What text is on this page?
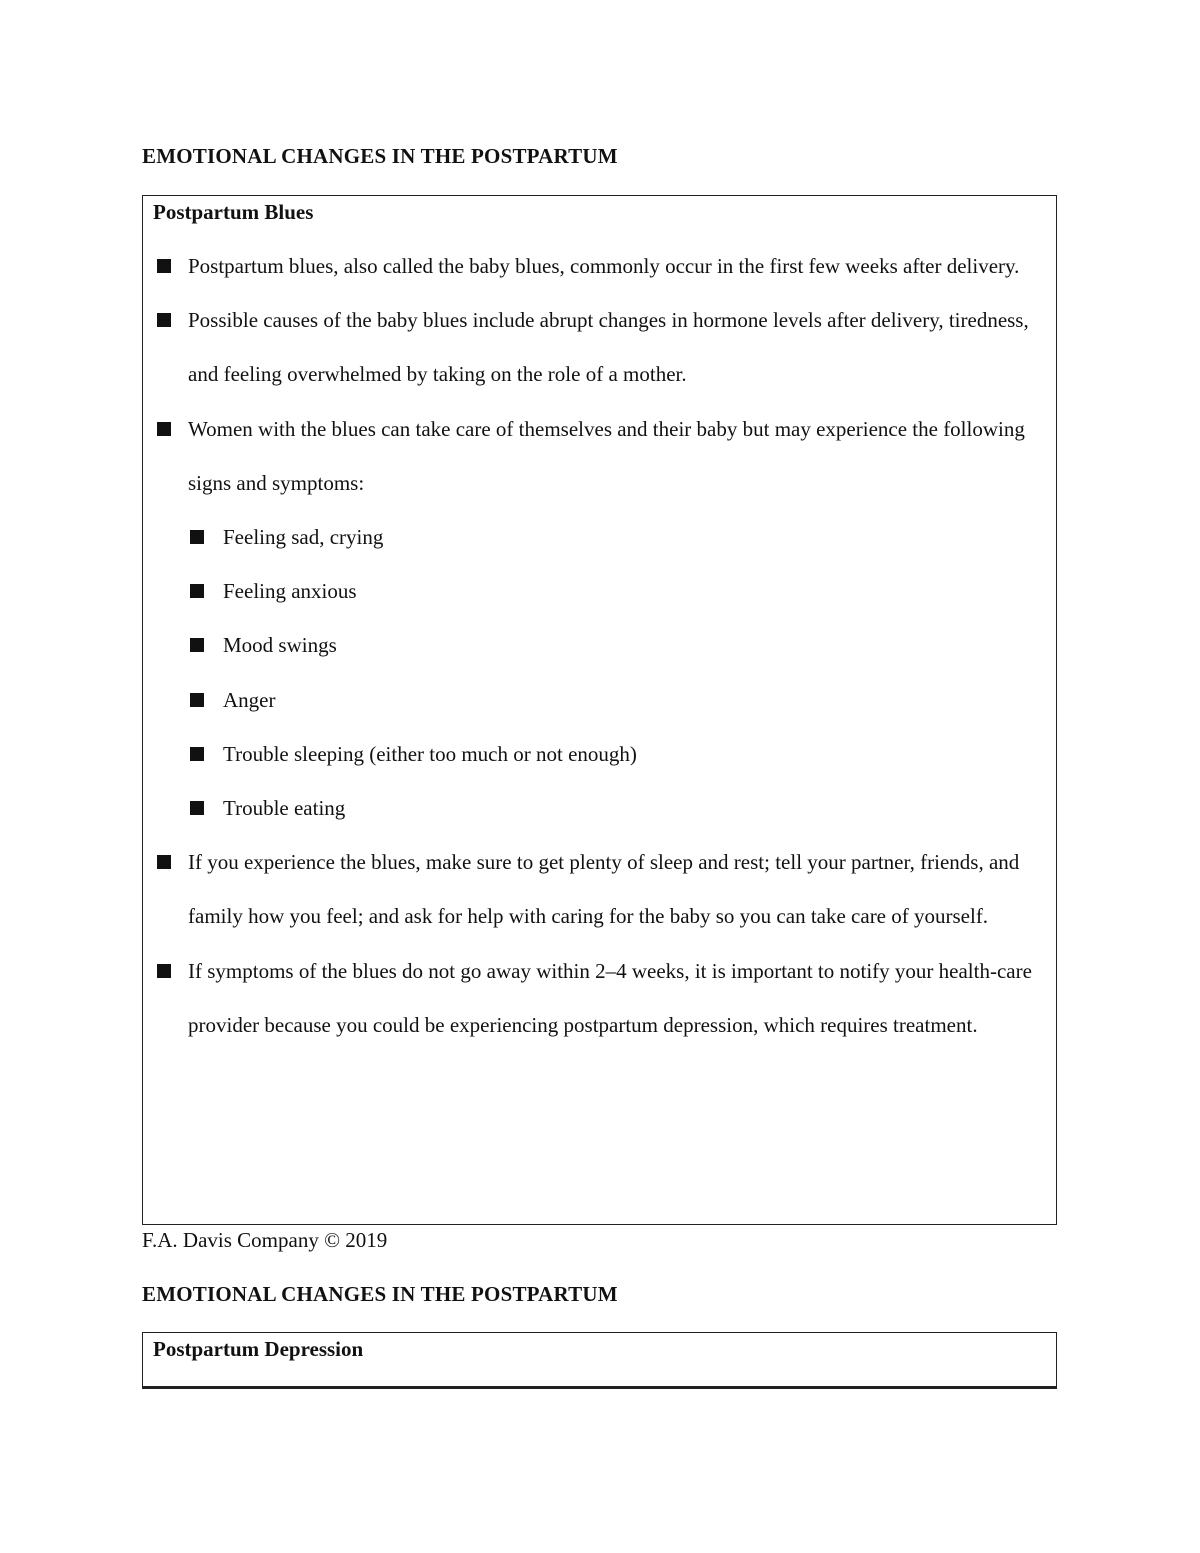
EMOTIONAL CHANGES IN THE POSTPARTUM
Postpartum Blues
Postpartum blues, also called the baby blues, commonly occur in the first few weeks after delivery.
Possible causes of the baby blues include abrupt changes in hormone levels after delivery, tiredness, and feeling overwhelmed by taking on the role of a mother.
Women with the blues can take care of themselves and their baby but may experience the following signs and symptoms:
Feeling sad, crying
Feeling anxious
Mood swings
Anger
Trouble sleeping (either too much or not enough)
Trouble eating
If you experience the blues, make sure to get plenty of sleep and rest; tell your partner, friends, and family how you feel; and ask for help with caring for the baby so you can take care of yourself.
If symptoms of the blues do not go away within 2–4 weeks, it is important to notify your health-care provider because you could be experiencing postpartum depression, which requires treatment.
F.A. Davis Company © 2019
EMOTIONAL CHANGES IN THE POSTPARTUM
Postpartum Depression
